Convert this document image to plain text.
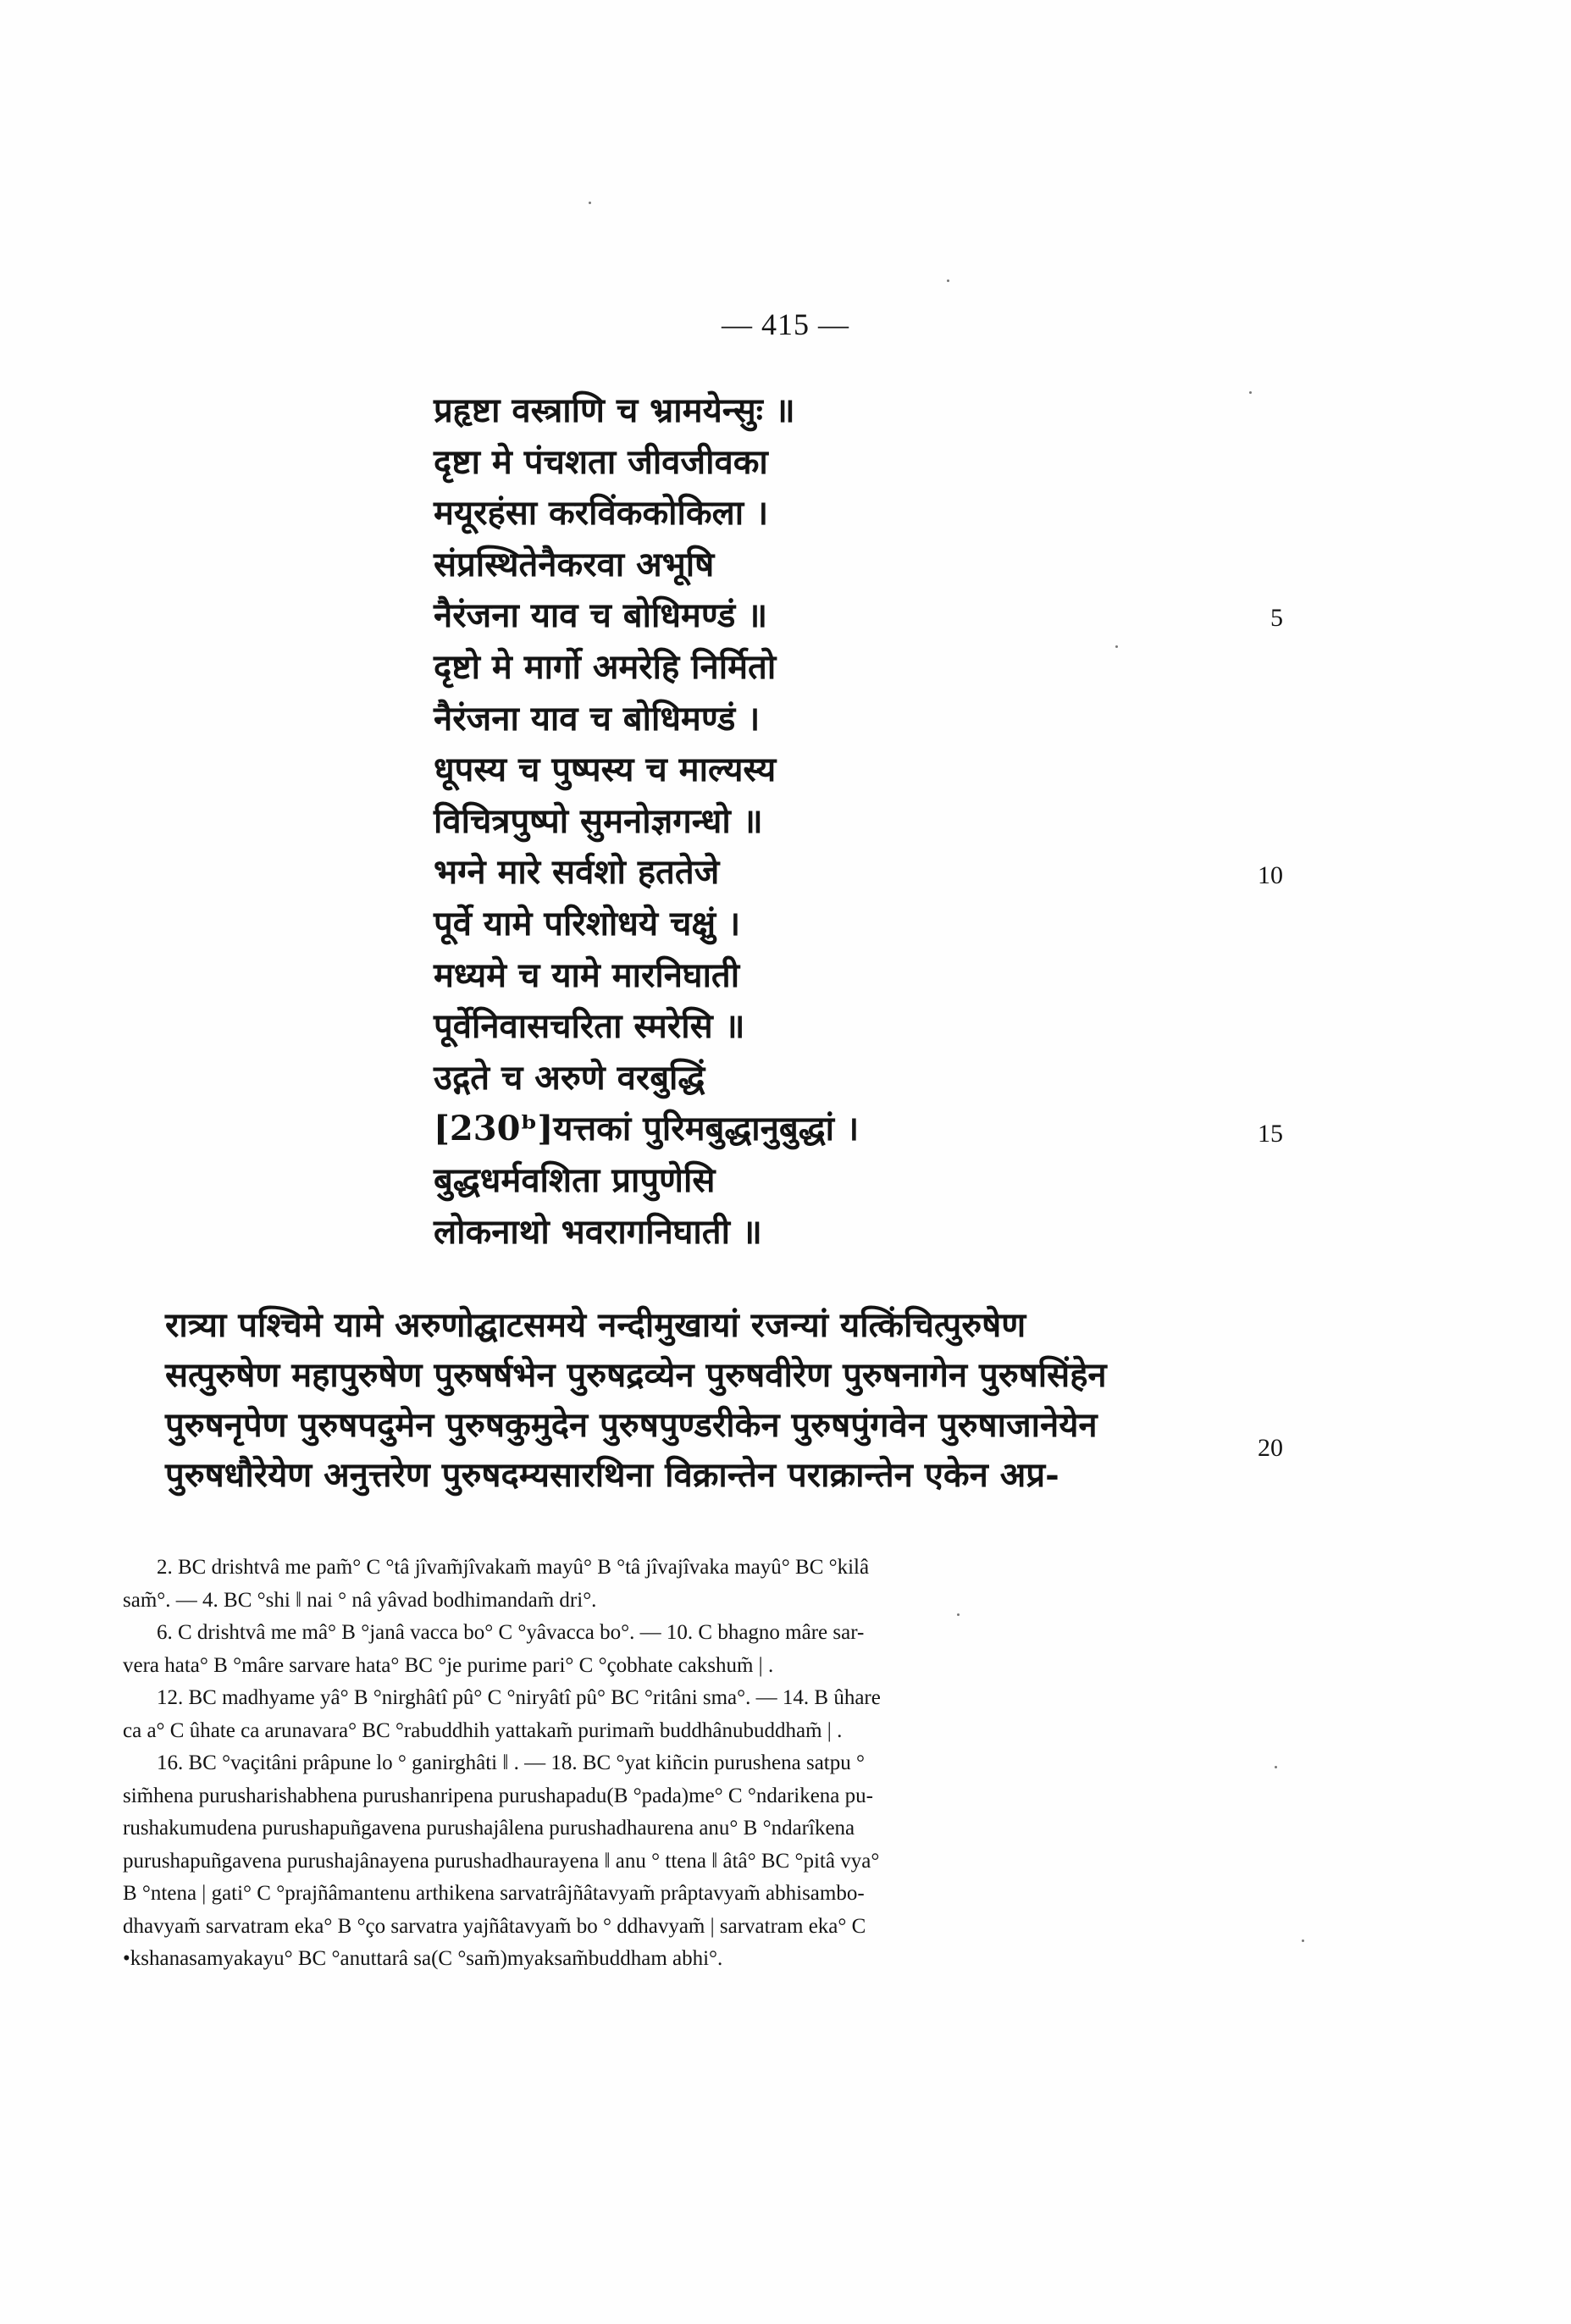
— 415 —
प्रहृष्टा वस्त्राणि च भ्रामयेन्सुः ॥
दृष्टा मे पंचशता जीवजीवका
मयूरहंसा करविंककोकिला ।
संप्रस्थितेनैकरवा अभूषि
नैरंजना याव च बोधिमण्डं ॥
दृष्टो मे मार्गो अमरेहि निर्मितो
नैरंजना याव च बोधिमण्डं ।
धूपस्य च पुष्पस्य च माल्यस्य
विचित्रपुष्पो सुमनोज्ञगन्धो ॥
भग्ने मारे सर्वशो हततेजे
पूर्वे यामे परिशोधये चक्षुं ।
मध्यमे च यामे मारनिघाती
पूर्वेनिवासचरिता स्मरेसि ॥
उद्गते च अरुणे वरबुद्धिं
[230ᵇ]यत्तकां पुरिमबुद्धानुबुद्धां ।
बुद्धधर्मवशिता प्रापुणेसि
लोकनाथो भवरागनिघाती ॥
5
10
15
20
रात्र्या पश्चिमे यामे अरुणोद्घाटसमये नन्दीमुखायां रजन्यां यत्किंचित्पुरुषेण
सत्पुरुषेण महापुरुषेण पुरुषर्षभेन पुरुषद्रव्येन पुरुषवीरेण पुरुषनागेन पुरुषसिंहेन
पुरुषनृपेण पुरुषपदुमेन पुरुषकुमुदेन पुरुषपुण्डरीकेन पुरुषपुंगवेन पुरुषाजानेयेन
पुरुषधौरेयेण अनुत्तरेण पुरुषदम्यसारथिना विक्रान्तेन पराक्रान्तेन एकेन अप्र-
2. BC drishtvâ me pam̃° C °tâ jîvam̃jîvakam̃ mayû° B °tâ jîvajîvaka mayû° BC °kilâ
sam̃°. — 4. BC °shi ‖ nai ° nâ yâvad bodhimandam̃ dri°.
6. C drishtvâ me mâ° B °janâ vacca bo° C °yâvacca bo°. — 10. C bhagno mâre sar-
vera hata° B °mâre sarvare hata° BC °je purime pari° C °çobhate cakshum̃ | .
12. BC madhyame yâ° B °nirghâtî pû° C °niryâtî pû° BC °ritâni sma°. — 14. B ûhare
ca a° C ûhate ca arunavara° BC °rabuddhih yattakam̃ purimam̃ buddhânubuddham̃ | .
16. BC °vaçitâni prâpune lo ° ganirghâti ‖ . — 18. BC °yat kiñcin purushena satpu °
sim̃hena purusharishabhena purushanripena purushapadu(B °pada)me° C °ndarikena pu-
rushakumudena purushapuñgavena purushajâlena purushadhaurena anu° B °ndarîkena
purushapuñgavena purushajânayena purushadhaurayena ‖ anu ° ttena ‖ âtâ° BC °pitâ vya°
B °ntena | gati° C °prajñâmantenu arthikena sarvatrâjñâtavyam̃ prâptavyam̃ abhisambo-
dhavyam̃ sarvatram eka° B °ço sarvatra yajñâtavyam̃ bo ° ddhavyam̃ | sarvatram eka° C
•kshanasamyakayu° BC °anuttarâ sa(C °sam̃)myaksam̃buddham abhi°.
